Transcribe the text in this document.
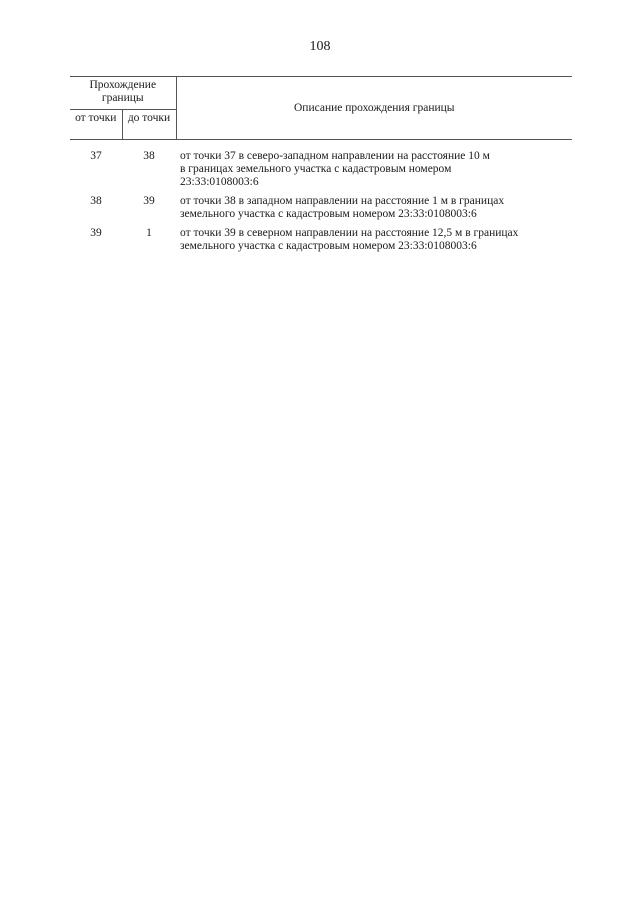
108
Прохождение границы		Описание прохождения границы
от точки	до точки	

37	38	от точки 37 в северо-западном направлении на расстояние 10 м
в границах земельного участка с кадастровым номером
23:33:0108003:6

38	39	от точки 38 в западном направлении на расстояние 1 м в границах
земельного участка с кадастровым номером 23:33:0108003:6

39	1	от точки 39 в северном направлении на расстояние 12,5 м в границах
земельного участка с кадастровым номером 23:33:0108003:6
